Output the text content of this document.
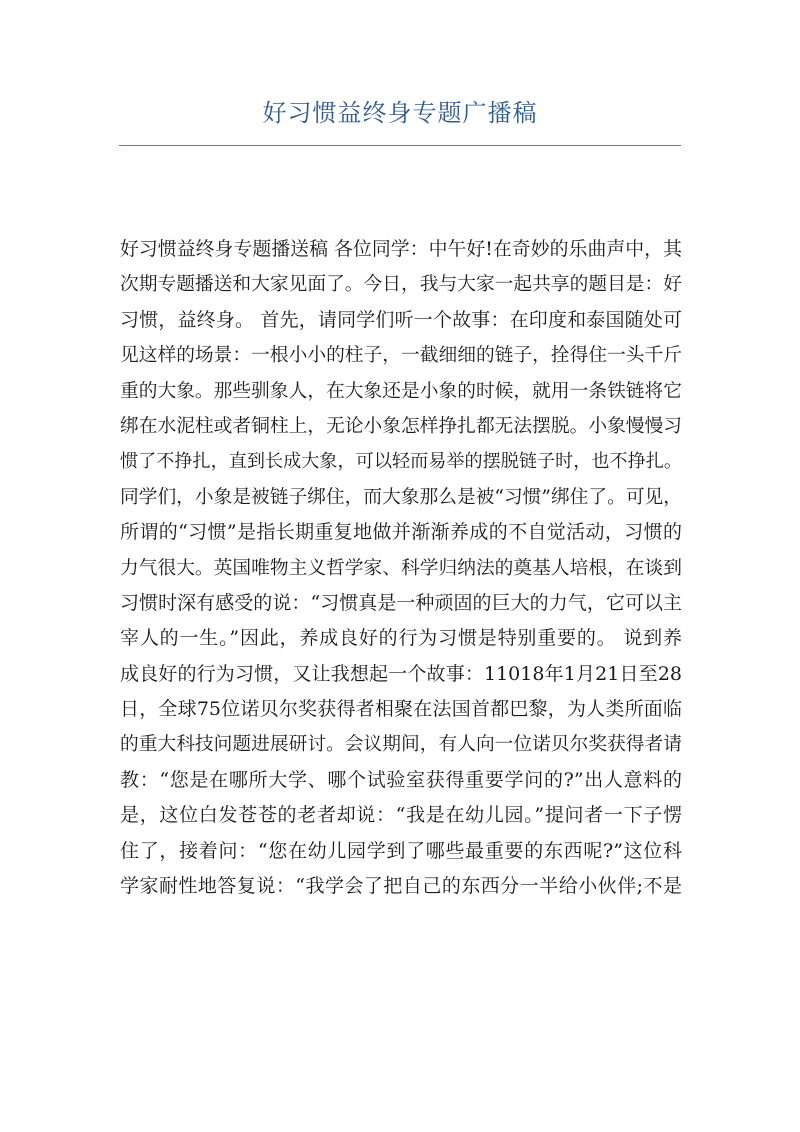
好习惯益终身专题广播稿
好习惯益终身专题播送稿 各位同学：中午好!在奇妙的乐曲声中，其
次期专题播送和大家见面了。今日，我与大家一起共享的题目是：好
习惯，益终身。 首先，请同学们听一个故事：在印度和泰国随处可
见这样的场景：一根小小的柱子，一截细细的链子，拴得住一头千斤
重的大象。那些驯象人，在大象还是小象的时候，就用一条铁链将它
绑在水泥柱或者铜柱上，无论小象怎样挣扎都无法摆脱。小象慢慢习
惯了不挣扎，直到长成大象，可以轻而易举的摆脱链子时，也不挣扎。
同学们，小象是被链子绑住，而大象那么是被“习惯”绑住了。可见，
所谓的“习惯”是指长期重复地做并渐渐养成的不自觉活动，习惯的
力气很大。英国唯物主义哲学家、科学归纳法的奠基人培根，在谈到
习惯时深有感受的说：“习惯真是一种顽固的巨大的力气，它可以主
宰人的一生。”因此，养成良好的行为习惯是特别重要的。 说到养
成良好的行为习惯，又让我想起一个故事：11018年1月21日至28
日，全球75位诺贝尔奖获得者相聚在法国首都巴黎，为人类所面临
的重大科技问题进展研讨。会议期间，有人向一位诺贝尔奖获得者请
教：“您是在哪所大学、哪个试验室获得重要学问的?”出人意料的
是，这位白发苍苍的老者却说：“我是在幼儿园。”提问者一下子愣
住了，接着问：“您在幼儿园学到了哪些最重要的东西呢?”这位科
学家耐性地答复说：“我学会了把自己的东西分一半给小伙伴;不是
